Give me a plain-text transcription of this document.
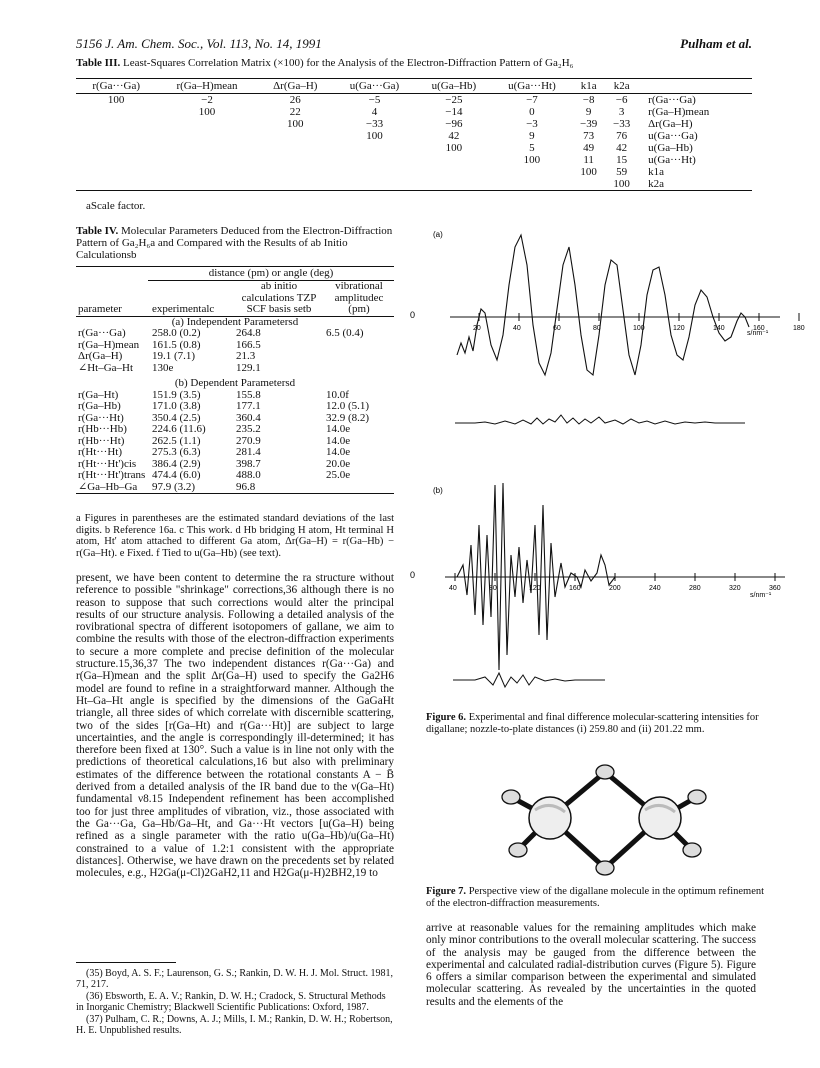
5156 J. Am. Chem. Soc., Vol. 113, No. 14, 1991	Pulham et al.
Table III. Least-Squares Correlation Matrix (×100) for the Analysis of the Electron-Diffraction Pattern of Ga₂H₆
r(Ga···Ga)	r(Ga–H)mean	Δr(Ga–H)	u(Ga···Ga)	u(Ga–Hb)	u(Ga···Ht)	k1a	k2a	
100	−2	26	−5	−25	−7	−8	−6	r(Ga···Ga)
	100	22	4	−14	0	9	3	r(Ga–H)mean
		100	−33	−96	−3	−39	−33	Δr(Ga–H)
			100	42	9	73	76	u(Ga···Ga)
				100	5	49	42	u(Ga–Hb)
					100	11	15	u(Ga···Ht)
						100	59	k1a
							100	k2a
aScale factor.
Table IV. Molecular Parameters Deduced from the Electron-Diffraction Pattern of Ga₂H₆a and Compared with the Results of ab Initio Calculationsb
distance (pm) or angle (deg)
parameter	experimentalc	ab initio calculations TZP SCF basis setb	vibrational amplitudec (pm)
(a) Independent Parametersd			
r(Ga···Ga)	258.0 (0.2)	264.8	6.5 (0.4)
r(Ga–H)mean	161.5 (0.8)	166.5	
Δr(Ga–H)	19.1 (7.1)	21.3	
∠Ht–Ga–Ht	130e	129.1	
(b) Dependent Parametersd			
r(Ga–Ht)	151.9 (3.5)	155.8	10.0f
r(Ga–Hb)	171.0 (3.8)	177.1	12.0 (5.1)
r(Ga···Ht)	350.4 (2.5)	360.4	32.9 (8.2)
r(Hb···Hb)	224.6 (11.6)	235.2	14.0e
r(Hb···Ht)	262.5 (1.1)	270.9	14.0e
r(Ht···Ht)	275.3 (6.3)	281.4	14.0e
r(Ht···Ht')cis	386.4 (2.9)	398.7	20.0e
r(Ht···Ht')trans	474.4 (6.0)	488.0	25.0e
∠Ga–Hb–Ga	97.9 (3.2)	96.8	
a Figures in parentheses are the estimated standard deviations of the last digits. b Reference 16a. c This work. d Hb bridging H atom, Ht terminal H atom, Ht' atom attached to different Ga atom, Δr(Ga–H) = r(Ga–Hb) − r(Ga–Ht). e Fixed. f Tied to u(Ga–Hb) (see text).
present, we have been content to determine the ra structure without reference to possible "shrinkage" corrections,36 although there is no reason to suppose that such corrections would alter the principal results of our structure analysis. Following a detailed analysis of the rovibrational spectra of different isotopomers of gallane, we aim to combine the results with those of the electron-diffraction experiments to secure a more complete and precise definition of the molecular structure.15,36,37 The two independent distances r(Ga···Ga) and r(Ga–H)mean and the split Δr(Ga–H) used to specify the Ga2H6 model are found to refine in a straightforward manner. Although the Ht–Ga–Ht angle is specified by the dimensions of the GaGaHt triangle, all three sides of which correlate with discernible scattering, two of the sides [r(Ga–Ht) and r(Ga···Ht)] are subject to large uncertainties, and the angle is correspondingly ill-determined; it has therefore been fixed at 130°. Such a value is in line not only with the predictions of theoretical calculations,16 but also with preliminary estimates of the difference between the rotational constants A − B̄ derived from a detailed analysis of the IR band due to the ν(Ga–Ht) fundamental ν8.15 Independent refinement has been accomplished too for just three amplitudes of vibration, viz., those associated with the Ga···Ga, Ga–Hb/Ga–Ht, and Ga···Ht vectors [u(Ga–H) being refined as a single parameter with the ratio u(Ga–Hb)/u(Ga–Ht) constrained to a value of 1.2:1 consistent with the appropriate distances]. Otherwise, we have drawn on the precedents set by related molecules, e.g., H2Ga(μ-Cl)2GaH2,11 and H2Ga(μ-H)2BH2,19 to

(35) Boyd, A. S. F.; Laurenson, G. S.; Rankin, D. W. H. J. Mol. Struct. 1981, 71, 217.

(36) Ebsworth, E. A. V.; Rankin, D. W. H.; Cradock, S. Structural Methods in Inorganic Chemistry; Blackwell Scientific Publications: Oxford, 1987.

(37) Pulham, C. R.; Downs, A. J.; Mills, I. M.; Rankin, D. W. H.; Robertson, H. E. Unpublished results.

(a)
0
20	40	60	80	100	120	140	160	180
s/nm⁻¹
(b)
0
40	80	120	160	200	240	280	320	360
s/nm⁻¹
Figure 6. Experimental and final difference molecular-scattering intensities for digallane; nozzle-to-plate distances (i) 259.80 and (ii) 201.22 mm.
Figure 7. Perspective view of the digallane molecule in the optimum refinement of the electron-diffraction measurements.
arrive at reasonable values for the remaining amplitudes which make only minor contributions to the overall molecular scattering. The success of the analysis may be gauged from the difference between the experimental and calculated radial-distribution curves (Figure 5). Figure 6 offers a similar comparison between the experimental and simulated molecular scattering. As revealed by the uncertainties in the quoted results and the elements of the
